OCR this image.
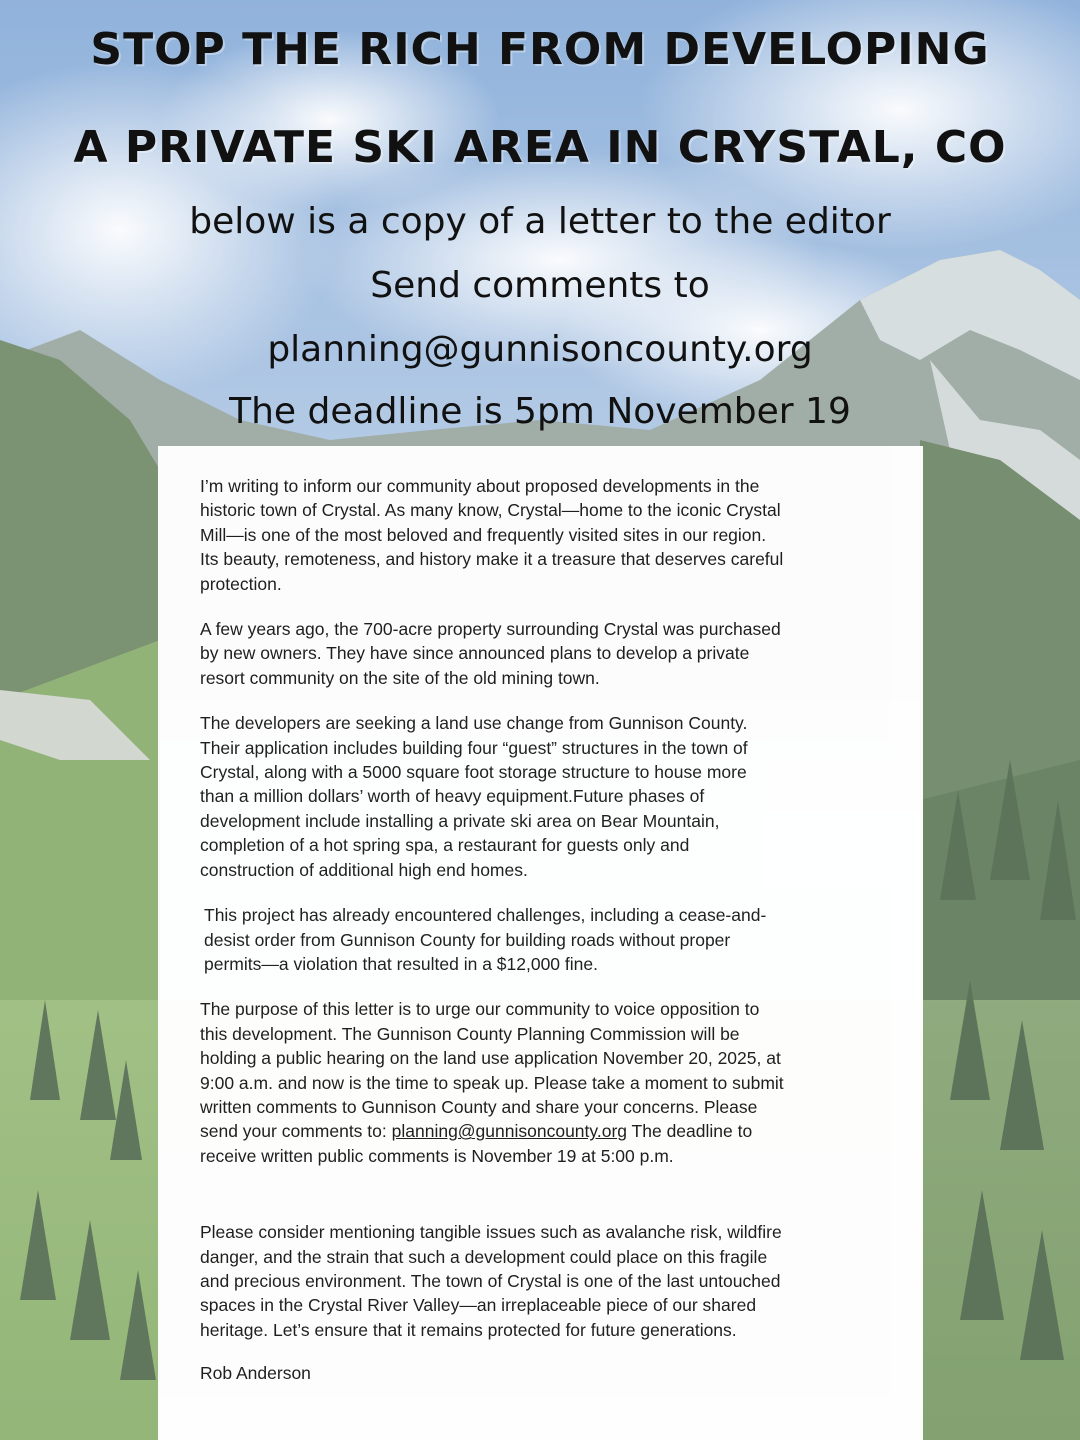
STOP THE RICH FROM DEVELOPING
A PRIVATE SKI AREA IN CRYSTAL, CO
below is a copy of a letter to the editor
Send comments to
planning@gunnisoncounty.org
The deadline is 5pm November 19
I’m writing to inform our community about proposed developments in the
historic town of Crystal. As many know, Crystal—home to the iconic Crystal
Mill—is one of the most beloved and frequently visited sites in our region.
Its beauty, remoteness, and history make it a treasure that deserves careful
protection.
A few years ago, the 700-acre property surrounding Crystal was purchased
by new owners. They have since announced plans to develop a private
resort community on the site of the old mining town.
The developers are seeking a land use change from Gunnison County.
Their application includes building four “guest” structures in the town of
Crystal, along with a 5000 square foot storage structure to house more
than a million dollars’ worth of heavy equipment.Future phases of
development include installing a private ski area on Bear Mountain,
completion of a hot spring spa, a restaurant for guests only and
construction of additional high end homes.
This project has already encountered challenges, including a cease-and-
desist order from Gunnison County for building roads without proper
permits—a violation that resulted in a $12,000 fine.
The purpose of this letter is to urge our community to voice opposition to
this development. The Gunnison County Planning Commission will be
holding a public hearing on the land use application November 20, 2025, at
9:00 a.m. and now is the time to speak up. Please take a moment to submit
written comments to Gunnison County and share your concerns. Please
send your comments to: planning@gunnisoncounty.org The deadline to
receive written public comments is November 19 at 5:00 p.m.
Please consider mentioning tangible issues such as avalanche risk, wildfire
danger, and the strain that such a development could place on this fragile
and precious environment. The town of Crystal is one of the last untouched
spaces in the Crystal River Valley—an irreplaceable piece of our shared
heritage. Let’s ensure that it remains protected for future generations.
Rob Anderson
